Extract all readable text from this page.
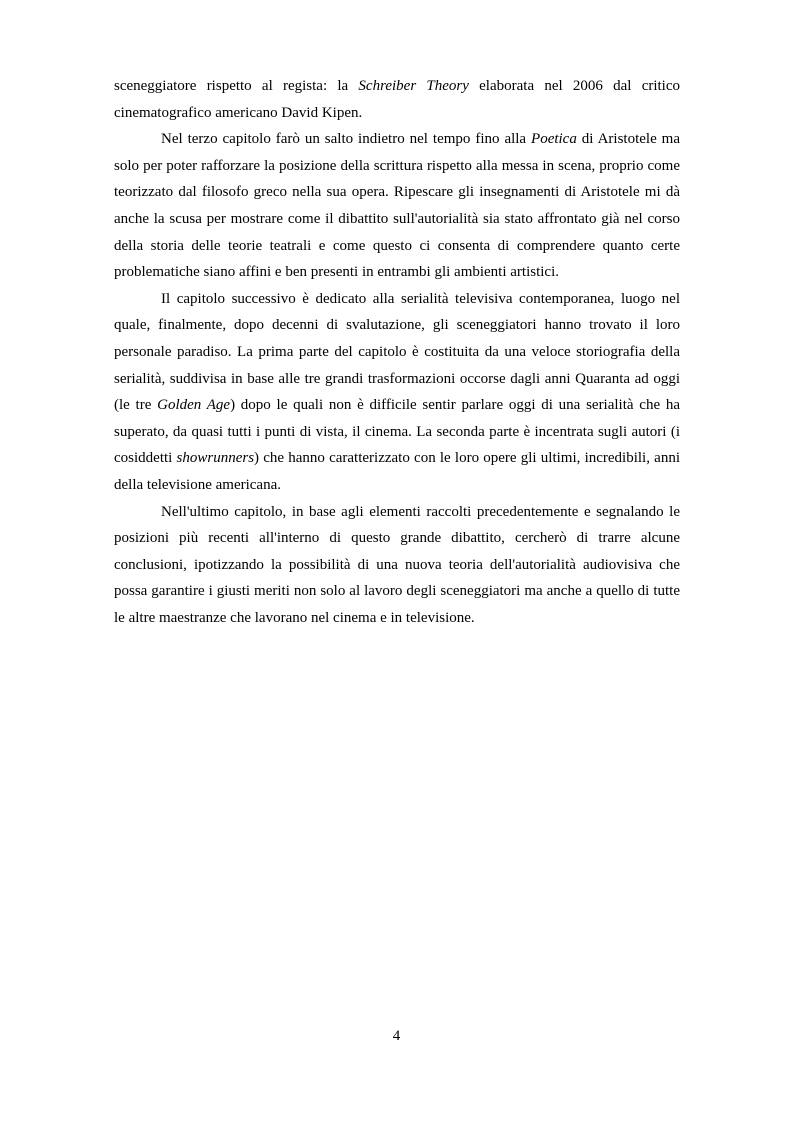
sceneggiatore rispetto al regista: la Schreiber Theory elaborata nel 2006 dal critico cinematografico americano David Kipen.

Nel terzo capitolo farò un salto indietro nel tempo fino alla Poetica di Aristotele ma solo per poter rafforzare la posizione della scrittura rispetto alla messa in scena, proprio come teorizzato dal filosofo greco nella sua opera. Ripescare gli insegnamenti di Aristotele mi dà anche la scusa per mostrare come il dibattito sull'autorialità sia stato affrontato già nel corso della storia delle teorie teatrali e come questo ci consenta di comprendere quanto certe problematiche siano affini e ben presenti in entrambi gli ambienti artistici.

Il capitolo successivo è dedicato alla serialità televisiva contemporanea, luogo nel quale, finalmente, dopo decenni di svalutazione, gli sceneggiatori hanno trovato il loro personale paradiso. La prima parte del capitolo è costituita da una veloce storiografia della serialità, suddivisa in base alle tre grandi trasformazioni occorse dagli anni Quaranta ad oggi (le tre Golden Age) dopo le quali non è difficile sentir parlare oggi di una serialità che ha superato, da quasi tutti i punti di vista, il cinema. La seconda parte è incentrata sugli autori (i cosiddetti showrunners) che hanno caratterizzato con le loro opere gli ultimi, incredibili, anni della televisione americana.

Nell'ultimo capitolo, in base agli elementi raccolti precedentemente e segnalando le posizioni più recenti all'interno di questo grande dibattito, cercherò di trarre alcune conclusioni, ipotizzando la possibilità di una nuova teoria dell'autorialità audiovisiva che possa garantire i giusti meriti non solo al lavoro degli sceneggiatori ma anche a quello di tutte le altre maestranze che lavorano nel cinema e in televisione.

4
